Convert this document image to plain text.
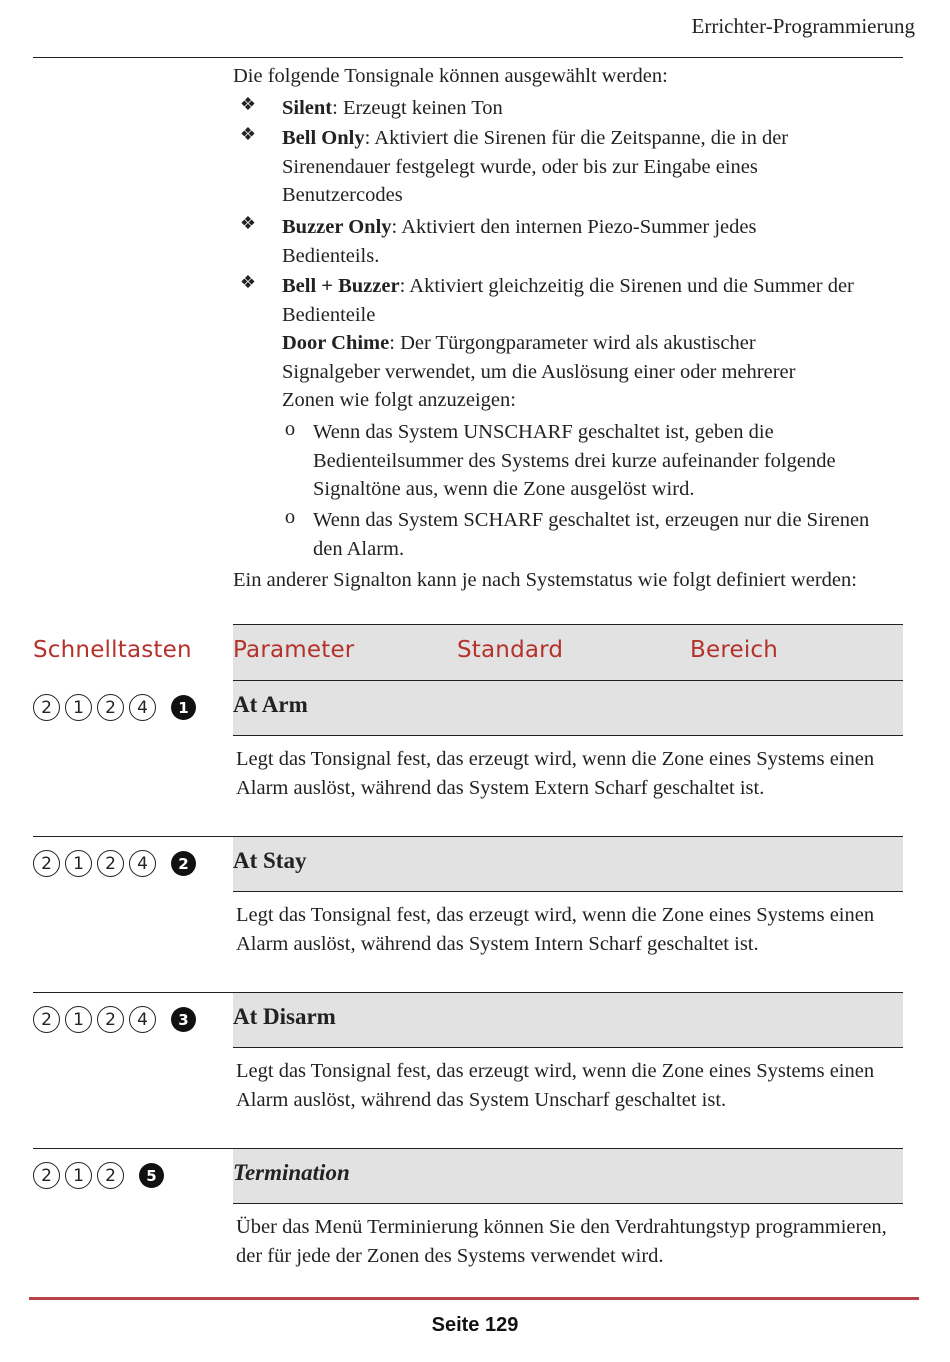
Errichter-Programmierung
Die folgende Tonsignale können ausgewählt werden:
❖ Silent: Erzeugt keinen Ton
❖ Bell Only: Aktiviert die Sirenen für die Zeitspanne, die in der Sirenendauer festgelegt wurde, oder bis zur Eingabe eines Benutzercodes
❖ Buzzer Only: Aktiviert den internen Piezo-Summer jedes Bedienteils.
❖ Bell + Buzzer: Aktiviert gleichzeitig die Sirenen und die Summer der Bedienteile
Door Chime: Der Türgongparameter wird als akustischer Signalgeber verwendet, um die Auslösung einer oder mehrerer Zonen wie folgt anzuzeigen:
o Wenn das System UNSCHARF geschaltet ist, geben die Bedienteilsummer des Systems drei kurze aufeinander folgende Signaltöne aus, wenn die Zone ausgelöst wird.
o Wenn das System SCHARF geschaltet ist, erzeugen nur die Sirenen den Alarm.
Ein anderer Signalton kann je nach Systemstatus wie folgt definiert werden:
Schnelltasten Parameter	Standard	Bereich
2	1	2	4	1	At Arm
Legt das Tonsignal fest, das erzeugt wird, wenn die Zone eines Systems einen Alarm auslöst, während das System Extern Scharf geschaltet ist.
2	1	2	4	2	At Stay
Legt das Tonsignal fest, das erzeugt wird, wenn die Zone eines Systems einen Alarm auslöst, während das System Intern Scharf geschaltet ist.
2	1	2	4	3	At Disarm
Legt das Tonsignal fest, das erzeugt wird, wenn die Zone eines Systems einen Alarm auslöst, während das System Unscharf geschaltet ist.
2	1	2	5	Termination
Über das Menü Terminierung können Sie den Verdrahtungstyp programmieren, der für jede der Zonen des Systems verwendet wird.
Seite 129
